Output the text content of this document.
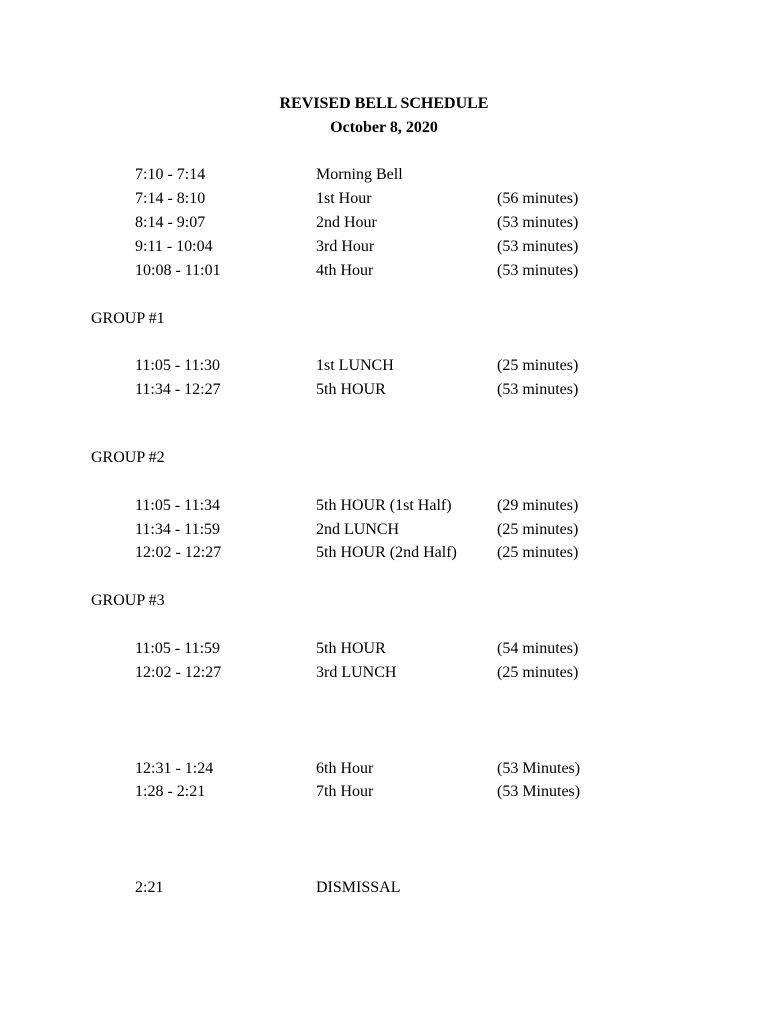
REVISED BELL SCHEDULE
October 8, 2020
7:10 - 7:14	Morning Bell
7:14 - 8:10	1st Hour	(56 minutes)
8:14 - 9:07	2nd Hour	(53 minutes)
9:11 - 10:04	3rd Hour	(53 minutes)
10:08 - 11:01	4th Hour	(53 minutes)
GROUP #1
11:05 - 11:30	1st LUNCH	(25 minutes)
11:34 - 12:27	5th HOUR	(53 minutes)
GROUP #2
11:05 - 11:34	5th HOUR (1st Half)	(29 minutes)
11:34 - 11:59	2nd LUNCH	(25 minutes)
12:02 - 12:27	5th HOUR (2nd Half)	(25 minutes)
GROUP #3
11:05 - 11:59	5th HOUR	(54 minutes)
12:02 - 12:27	3rd LUNCH	(25 minutes)
12:31 - 1:24	6th Hour	(53 Minutes)
1:28 - 2:21	7th Hour	(53 Minutes)
2:21	DISMISSAL
